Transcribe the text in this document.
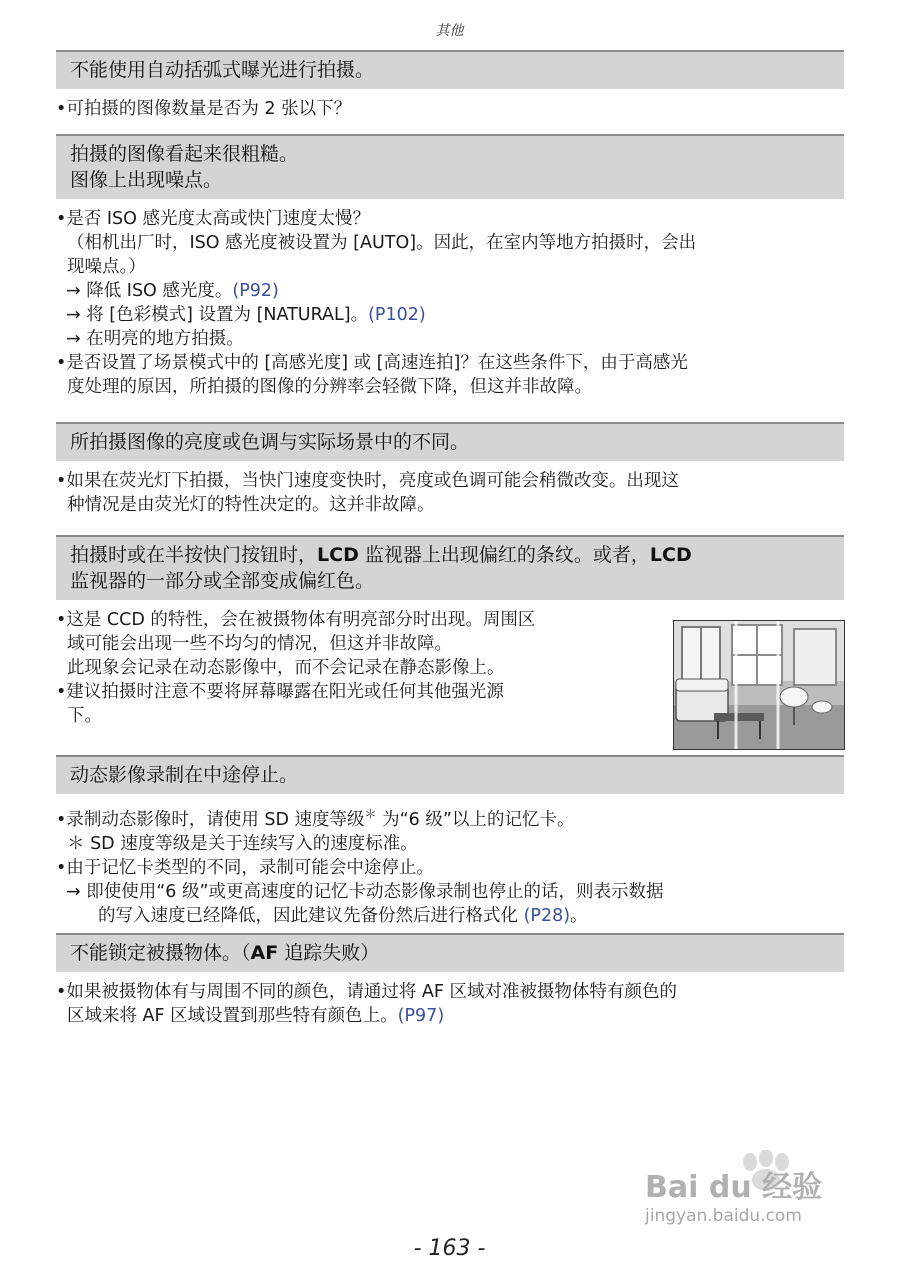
其他
不能使用自动括弧式曝光进行拍摄。
•可拍摄的图像数量是否为 2 张以下？
拍摄的图像看起来很粗糙。
图像上出现噪点。
•是否 ISO 感光度太高或快门速度太慢？
（相机出厂时，ISO 感光度被设置为 [AUTO]。因此，在室内等地方拍摄时，会出
现噪点。）
→ 降低 ISO 感光度。(P92)
→ 将 [色彩模式] 设置为 [NATURAL]。(P102)
→ 在明亮的地方拍摄。
•是否设置了场景模式中的 [高感光度] 或 [高速连拍]？在这些条件下，由于高感光
度处理的原因，所拍摄的图像的分辨率会轻微下降，但这并非故障。
所拍摄图像的亮度或色调与实际场景中的不同。
•如果在荧光灯下拍摄，当快门速度变快时，亮度或色调可能会稍微改变。出现这
种情况是由荧光灯的特性决定的。这并非故障。
拍摄时或在半按快门按钮时，LCD 监视器上出现偏红的条纹。或者，LCD
监视器的一部分或全部变成偏红色。
•这是 CCD 的特性，会在被摄物体有明亮部分时出现。周围区
域可能会出现一些不均匀的情况，但这并非故障。
此现象会记录在动态影像中，而不会记录在静态影像上。
•建议拍摄时注意不要将屏幕曝露在阳光或任何其他强光源
下。
动态影像录制在中途停止。
•录制动态影像时，请使用 SD 速度等级＊ 为“6 级”以上的记忆卡。
＊ SD 速度等级是关于连续写入的速度标准。
•由于记忆卡类型的不同，录制可能会中途停止。
→ 即使使用“6 级”或更高速度的记忆卡动态影像录制也停止的话，则表示数据
的写入速度已经降低，因此建议先备份然后进行格式化 (P28)。
不能锁定被摄物体。（AF 追踪失败）
•如果被摄物体有与周围不同的颜色，请通过将 AF 区域对准被摄物体特有颜色的
区域来将 AF 区域设置到那些特有颜色上。(P97)
Bai du 经验
jingyan.baidu.com
- 163 -
